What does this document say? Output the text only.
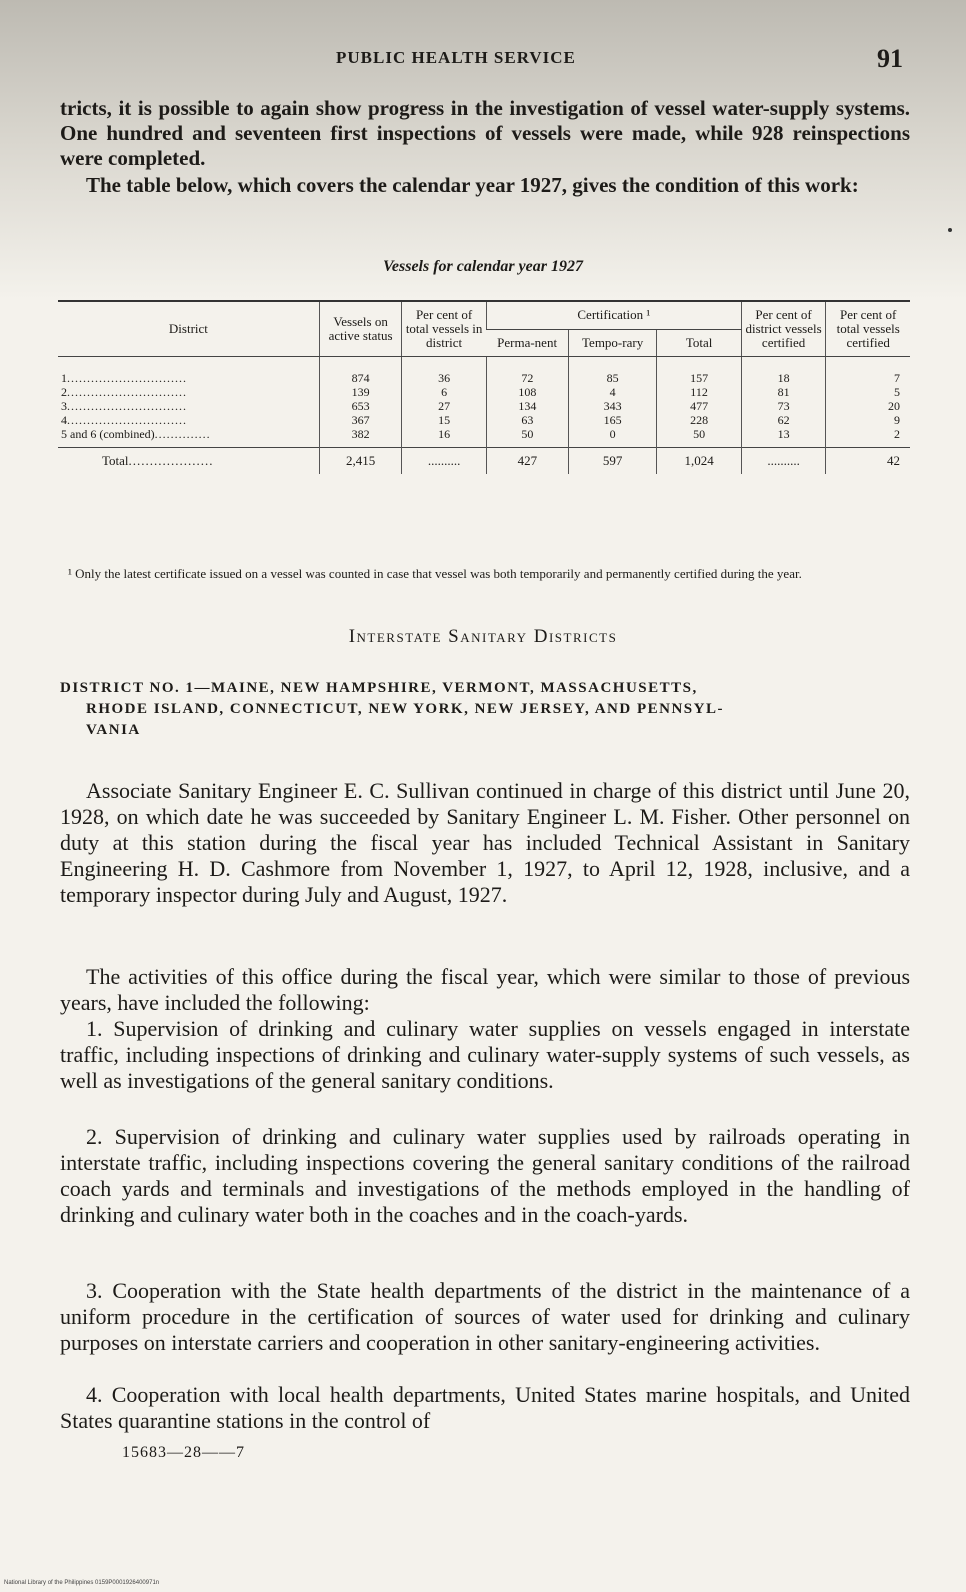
PUBLIC HEALTH SERVICE	91

tricts, it is possible to again show progress in the investigation of vessel water-supply systems. One hundred and seventeen first inspections of vessels were made, while 928 reinspections were completed.

The table below, which covers the calendar year 1927, gives the condition of this work:

Vessels for calendar year 1927
District	Vessels on active status	Per cent of total vessels in district	Certification ¹			Per cent of district vessels certified	Per cent of total vessels certified
			Perma-nent	Tempo-rary	Total		
1..............................	874	36	72	85	157	18	7
2..............................	139	6	108	4	112	81	5
3..............................	653	27	134	343	477	73	20
4..............................	367	15	63	165	228	62	9
5 and 6 (combined)..............	382	16	50	0	50	13	2
Total....................	2,415	..........	427	597	1,024	..........	42

¹ Only the latest certificate issued on a vessel was counted in case that vessel was both temporarily and permanently certified during the year.

Interstate Sanitary Districts

DISTRICT NO. 1—MAINE, NEW HAMPSHIRE, VERMONT, MASSACHUSETTS,
RHODE ISLAND, CONNECTICUT, NEW YORK, NEW JERSEY, AND PENNSYL-
VANIA

Associate Sanitary Engineer E. C. Sullivan continued in charge of this district until June 20, 1928, on which date he was succeeded by Sanitary Engineer L. M. Fisher. Other personnel on duty at this station during the fiscal year has included Technical Assistant in Sanitary Engineering H. D. Cashmore from November 1, 1927, to April 12, 1928, inclusive, and a temporary inspector during July and August, 1927.

The activities of this office during the fiscal year, which were similar to those of previous years, have included the following:

1. Supervision of drinking and culinary water supplies on vessels engaged in interstate traffic, including inspections of drinking and culinary water-supply systems of such vessels, as well as investigations of the general sanitary conditions.

2. Supervision of drinking and culinary water supplies used by railroads operating in interstate traffic, including inspections covering the general sanitary conditions of the railroad coach yards and terminals and investigations of the methods employed in the handling of drinking and culinary water both in the coaches and in the coach-yards.

3. Cooperation with the State health departments of the district in the maintenance of a uniform procedure in the certification of sources of water used for drinking and culinary purposes on interstate carriers and cooperation in other sanitary-engineering activities.

4. Cooperation with local health departments, United States marine hospitals, and United States quarantine stations in the control of

15683—28——7
National Library of the Philippines 0159P0001926400971n
